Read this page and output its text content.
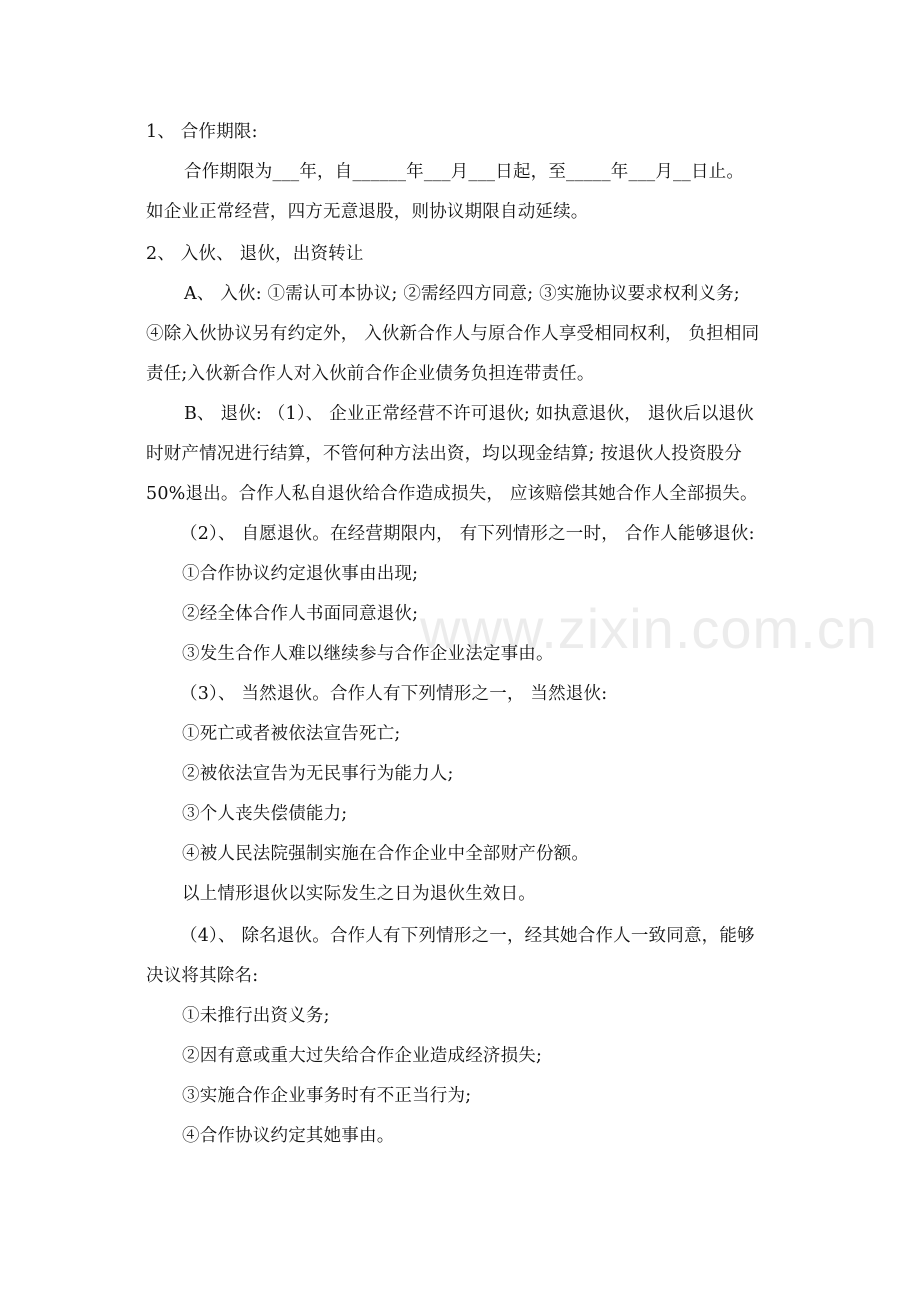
www.zixin.com.cn
1、 合作期限:
合作期限为___年，自______年___月___日起，至_____年___月__日止。
如企业正常经营，四方无意退股，则协议期限自动延续。
2、 入伙、 退伙，出资转让
A、 入伙: ①需认可本协议; ②需经四方同意; ③实施协议要求权利义务;
④除入伙协议另有约定外， 入伙新合作人与原合作人享受相同权利， 负担相同
责任;入伙新合作人对入伙前合作企业债务负担连带责任。
B、 退伙: （1）、 企业正常经营不许可退伙; 如执意退伙， 退伙后以退伙
时财产情况进行结算，不管何种方法出资，均以现金结算; 按退伙人投资股分
50%退出。合作人私自退伙给合作造成损失， 应该赔偿其她合作人全部损失。
（2）、 自愿退伙。在经营期限内， 有下列情形之一时， 合作人能够退伙:
①合作协议约定退伙事由出现;
②经全体合作人书面同意退伙;
③发生合作人难以继续参与合作企业法定事由。
（3）、 当然退伙。合作人有下列情形之一， 当然退伙:
①死亡或者被依法宣告死亡;
②被依法宣告为无民事行为能力人;
③个人丧失偿债能力;
④被人民法院强制实施在合作企业中全部财产份额。
以上情形退伙以实际发生之日为退伙生效日。
（4）、 除名退伙。合作人有下列情形之一，经其她合作人一致同意，能够
决议将其除名:
①未推行出资义务;
②因有意或重大过失给合作企业造成经济损失;
③实施合作企业事务时有不正当行为;
④合作协议约定其她事由。
